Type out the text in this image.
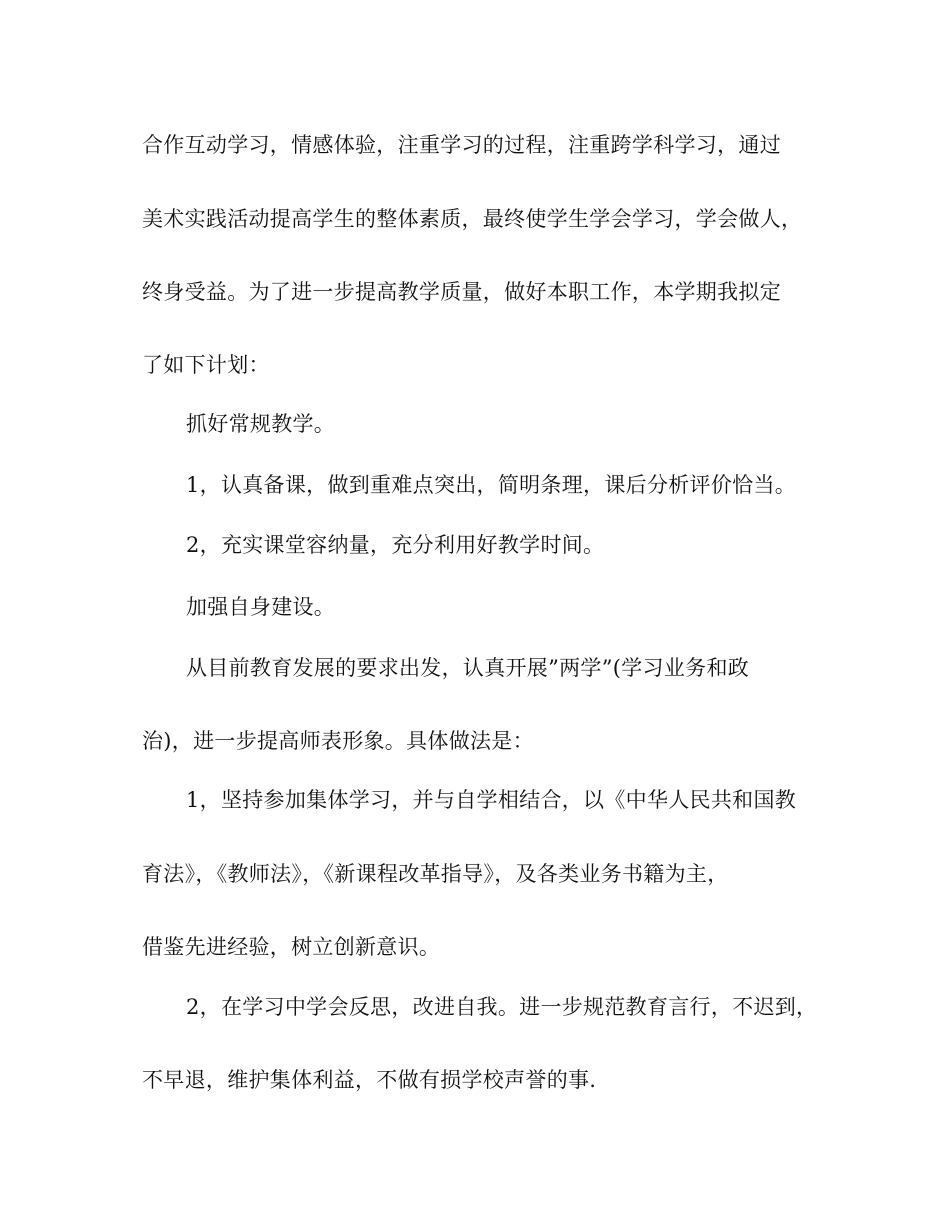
合作互动学习，情感体验，注重学习的过程，注重跨学科学习，通过
美术实践活动提高学生的整体素质，最终使学生学会学习，学会做人，
终身受益。为了进一步提高教学质量，做好本职工作，本学期我拟定
了如下计划：
抓好常规教学。
1，认真备课，做到重难点突出，简明条理，课后分析评价恰当。
2，充实课堂容纳量，充分利用好教学时间。
加强自身建设。
从目前教育发展的要求出发，认真开展”两学”(学习业务和政
治)，进一步提高师表形象。具体做法是：
1，坚持参加集体学习，并与自学相结合，以《中华人民共和国教
育法》，《教师法》，《新课程改革指导》，及各类业务书籍为主，
借鉴先进经验，树立创新意识。
2，在学习中学会反思，改进自我。进一步规范教育言行，不迟到，
不早退，维护集体利益，不做有损学校声誉的事.
